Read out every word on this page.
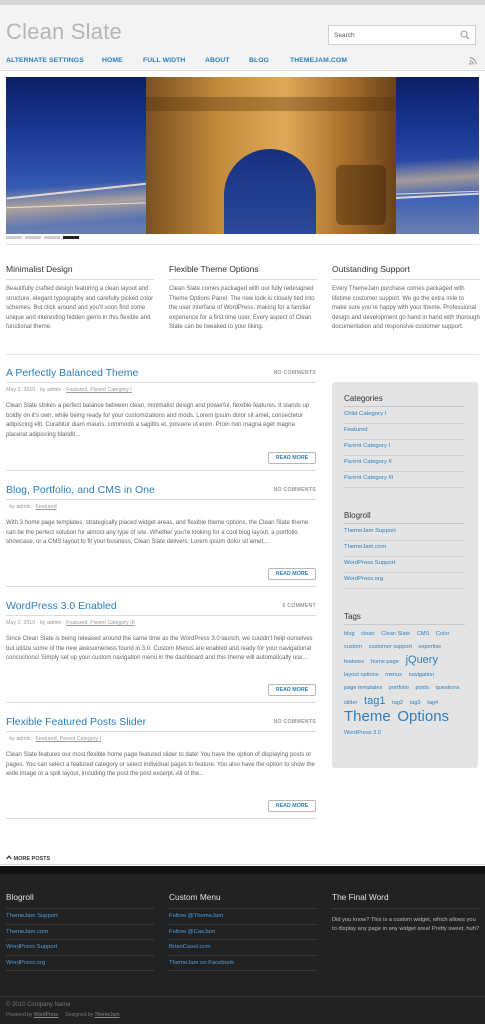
Clean Slate
Search
ALTERNATE SETTINGS	HOME	FULL WIDTH	ABOUT	BLOG	THEMEJAM.COM
Minimalist Design

Beautifully crafted design featuring a clean layout and structure, elegant typography and carefully picked color schemes. But click around and you'll soon find some unique and interesting hidden gems in this flexible and functional theme.

Flexible Theme Options

Clean Slate comes packaged with our fully redesigned Theme Options Panel. The new look is closely tied into the user interface of WordPress, making for a familiar experience for a first time user. Every aspect of Clean Slate can be tweaked to your liking.

Outstanding Support

Every ThemeJam purchase comes packaged with lifetime customer support. We go the extra mile to make sure you're happy with your theme. Professional design and development go hand in hand with thorough documentation and responsive customer support.

A Perfectly Balanced Theme	NO COMMENTS
May 3, 2010 · by admin · Featured, Parent Category I
Clean Slate strikes a perfect balance between clean, minimalist design and powerful, flexible features. It stands up boldly on it's own, while being ready for your customizations and mods. Lorem ipsum dolor sit amet, consectetur adipiscing elit. Curabitur diam mauris, commodo a sagittis et, posuere ut enim. Proin non magna eget magna placerat adipiscing blandit...
READ MORE
Blog, Portfolio, and CMS in One	NO COMMENTS
· by admin · Featured
With 3 home page templates, strategically placed widget areas, and flexible theme options, the Clean Slate theme can be the perfect solution for almost any type of site. Whether you're looking for a cool blog layout, a portfolio showcase, or a CMS layout to fit your business, Clean Slate delivers. Lorem ipsum dolor sit amet,...
READ MORE
WordPress 3.0 Enabled	6 COMMENT
May 2, 2010 · by admin · Featured, Parent Category III
Since Clean Slate is being released around the same time as the WordPress 3.0 launch, we couldn't help ourselves but utilize some of the new awesomeness found in 3.0. Custom Menus are enabled and ready for your navigational concoctions! Simply set up your custom navigation menu in the dashboard and this theme will automatically use...
READ MORE
Flexible Featured Posts Slider	NO COMMENTS
· by admin · Featured, Parent Category I
Clean Slate features our most flexible home page featured slider to date! You have the option of displaying posts or pages. You can select a featured category or select individual pages to feature. You also have the option to show the wide image or a split layout, including the post the post excerpt. All of the...
READ MORE
Categories
Child Category I
Featured
Parent Category I
Parent Category II
Parent Category III
Blogroll
ThemeJam Support
ThemeJam.com
WordPress Support
WordPress.org
Tags
blog clean Clean Slate CMS Color custom customer support expertise features home page jQuery layout options menus navigation page templates portfolio posts questions slider tag1 tag2 tag3 tag4 Theme Options WordPress 3.0
MORE POSTS
Blogroll
ThemeJam Support
ThemeJam.com
WordPress Support
WordPress.org
Custom Menu
Follow @ThemeJam
Follow @CasJam
BrianCasel.com
ThemeJam on Facebook
The Final Word

Did you know? This is a custom widget, which allows you to display any page in any widget area! Pretty sweet, huh?

© 2010 Company Name
Powered by WordPress Designed by ThemeJam
